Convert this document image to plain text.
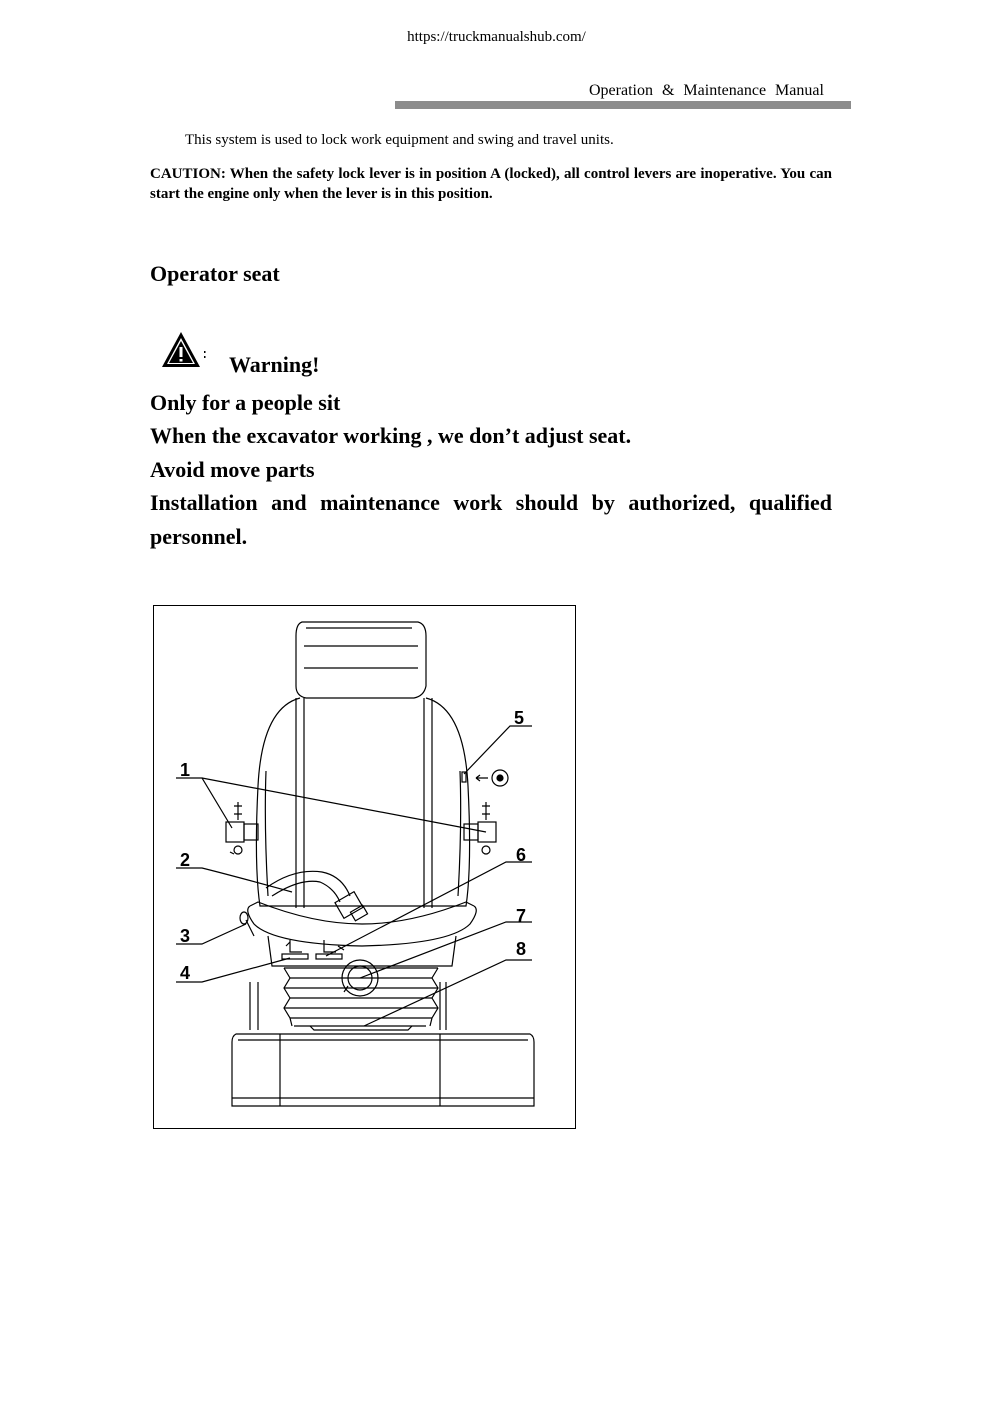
https://truckmanualshub.com/
Operation & Maintenance Manual
This system is used to lock work equipment and swing and travel units.
CAUTION: When the safety lock lever is in position A (locked), all control levers are inoperative. You can start the engine only when the lever is in this position.
Operator seat
Warning!
Only for a people sit
When the excavator working , we don’t adjust seat.
Avoid move parts
Installation and maintenance work should by authorized, qualified
personnel.
1
2
3
4
5
6
7
8
